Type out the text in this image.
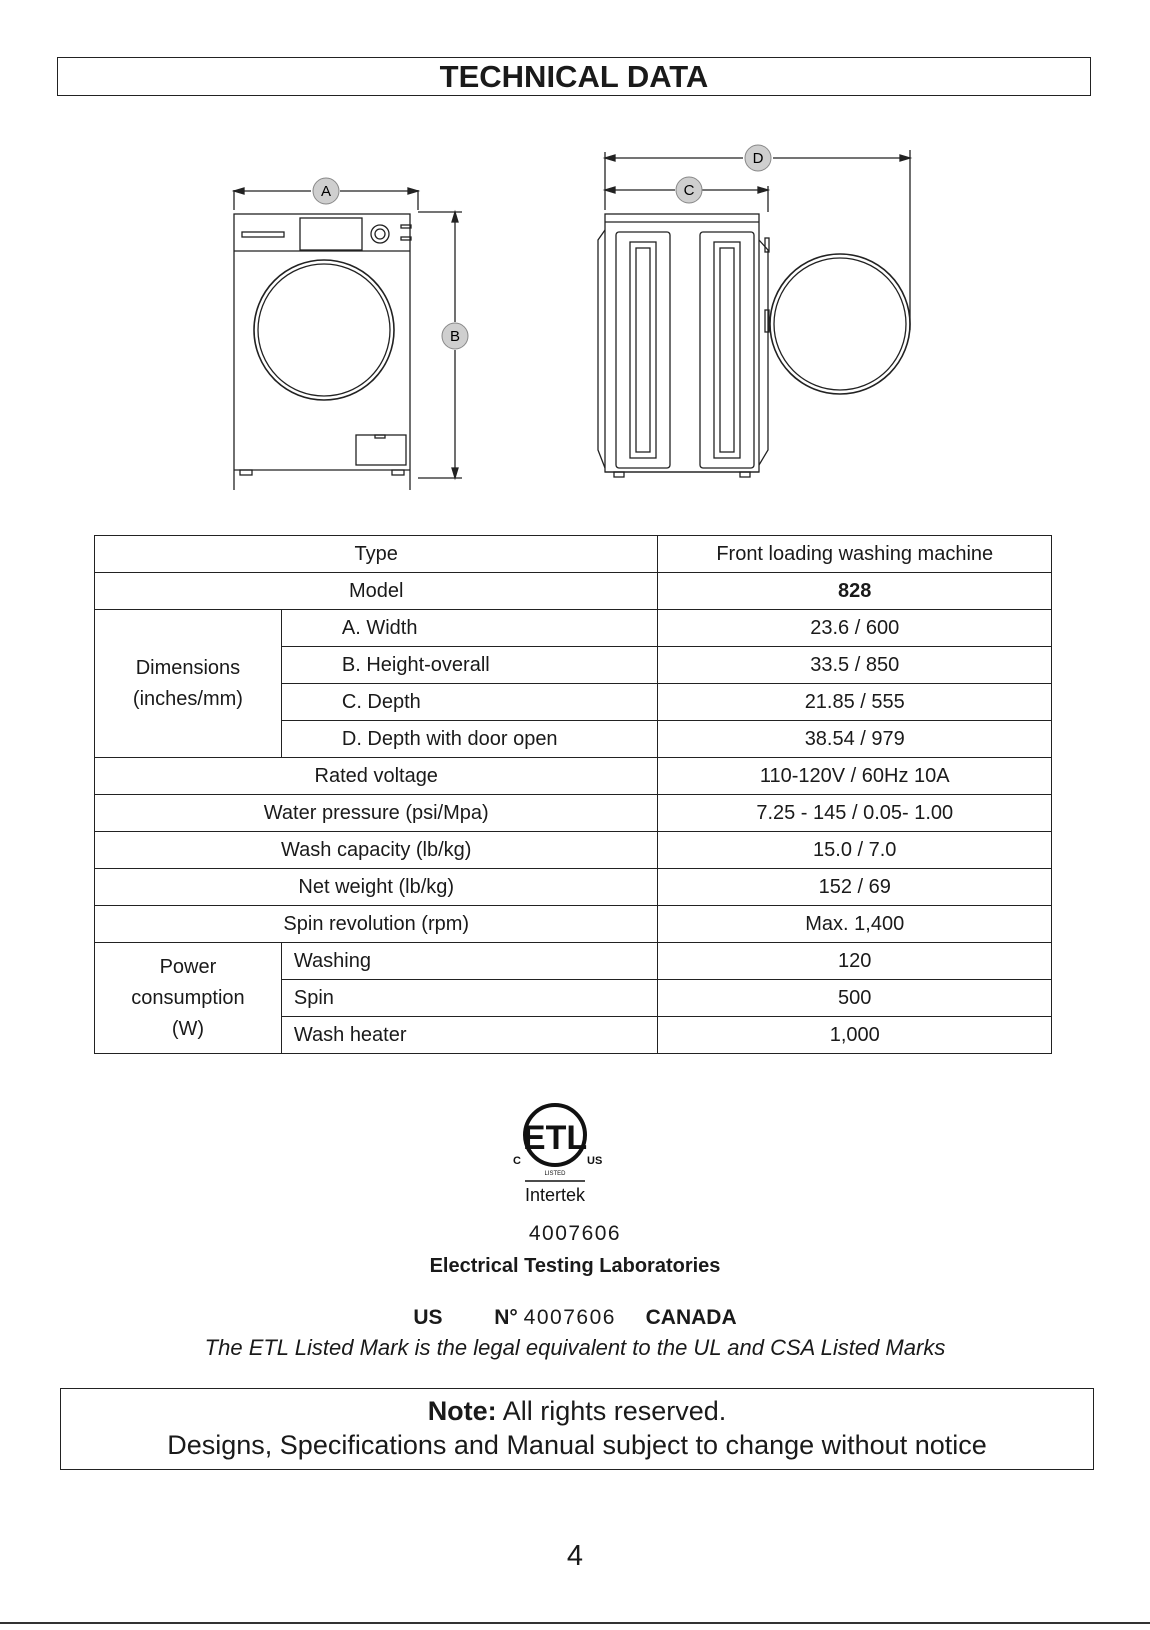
TECHNICAL DATA
A
B
C
D
Type		Front loading washing machine
Model		828

Dimensions
(inches/mm)	A. Width	23.6 / 600
	B. Height-overall	33.5 / 850
	C. Depth	21.85 / 555
	D. Depth with door open	38.54 / 979
Rated voltage		110-120V / 60Hz 10A
Water pressure (psi/Mpa)		7.25 - 145 / 0.05- 1.00
Wash capacity (lb/kg)		15.0 / 7.0
Net weight (lb/kg)		152 / 69
Spin revolution (rpm)		Max. 1,400

Power
consumption
(W)	Washing	120
	Spin	500
	Wash heater	1,000
ETL
C	US
LISTED
Intertek
4007606
Electrical Testing Laboratories
US N° 4007606 CANADA
The ETL Listed Mark is the legal equivalent to the UL and CSA Listed Marks
Note: All rights reserved.
Designs, Specifications and Manual subject to change without notice
4
